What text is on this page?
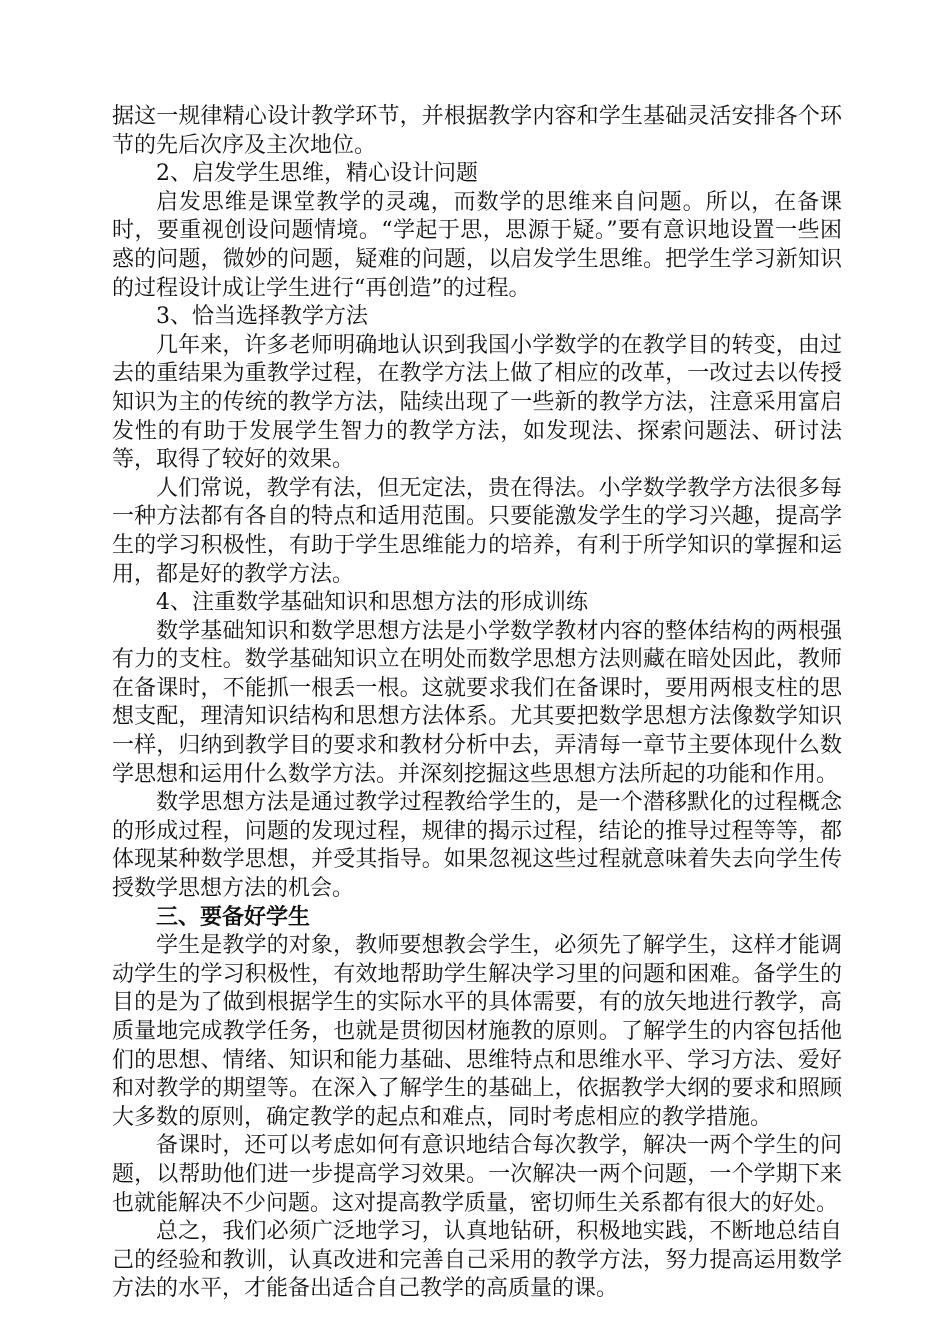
据这一规律精心设计教学环节，并根据教学内容和学生基础灵活安排各个环节的先后次序及主次地位。

2、启发学生思维，精心设计问题

启发思维是课堂教学的灵魂，而数学的思维来自问题。所以，在备课时，要重视创设问题情境。“学起于思，思源于疑。”要有意识地设置一些困惑的问题，微妙的问题，疑难的问题，以启发学生思维。把学生学习新知识的过程设计成让学生进行“再创造”的过程。

3、恰当选择教学方法

几年来，许多老师明确地认识到我国小学数学的在教学目的转变，由过去的重结果为重教学过程，在教学方法上做了相应的改革，一改过去以传授知识为主的传统的教学方法，陆续出现了一些新的教学方法，注意采用富启发性的有助于发展学生智力的教学方法，如发现法、探索问题法、研讨法等，取得了较好的效果。

人们常说，教学有法，但无定法，贵在得法。小学数学教学方法很多每一种方法都有各自的特点和适用范围。只要能激发学生的学习兴趣，提高学生的学习积极性，有助于学生思维能力的培养，有利于所学知识的掌握和运用，都是好的教学方法。

4、注重数学基础知识和思想方法的形成训练

数学基础知识和数学思想方法是小学数学教材内容的整体结构的两根强有力的支柱。数学基础知识立在明处而数学思想方法则藏在暗处因此，教师在备课时，不能抓一根丢一根。这就要求我们在备课时，要用两根支柱的思想支配，理清知识结构和思想方法体系。尤其要把数学思想方法像数学知识一样，归纳到教学目的要求和教材分析中去，弄清每一章节主要体现什么数学思想和运用什么数学方法。并深刻挖掘这些思想方法所起的功能和作用。

数学思想方法是通过教学过程教给学生的，是一个潜移默化的过程概念的形成过程，问题的发现过程，规律的揭示过程，结论的推导过程等等，都体现某种数学思想，并受其指导。如果忽视这些过程就意味着失去向学生传授数学思想方法的机会。

三、要备好学生

学生是教学的对象，教师要想教会学生，必须先了解学生，这样才能调动学生的学习积极性，有效地帮助学生解决学习里的问题和困难。备学生的目的是为了做到根据学生的实际水平的具体需要，有的放矢地进行教学，高质量地完成教学任务，也就是贯彻因材施教的原则。了解学生的内容包括他们的思想、情绪、知识和能力基础、思维特点和思维水平、学习方法、爱好和对教学的期望等。在深入了解学生的基础上，依据教学大纲的要求和照顾大多数的原则，确定教学的起点和难点，同时考虑相应的教学措施。

备课时，还可以考虑如何有意识地结合每次教学，解决一两个学生的问题，以帮助他们进一步提高学习效果。一次解决一两个问题，一个学期下来也就能解决不少问题。这对提高教学质量，密切师生关系都有很大的好处。

总之，我们必须广泛地学习，认真地钻研，积极地实践，不断地总结自己的经验和教训，认真改进和完善自己采用的教学方法，努力提高运用数学方法的水平，才能备出适合自己教学的高质量的课。
